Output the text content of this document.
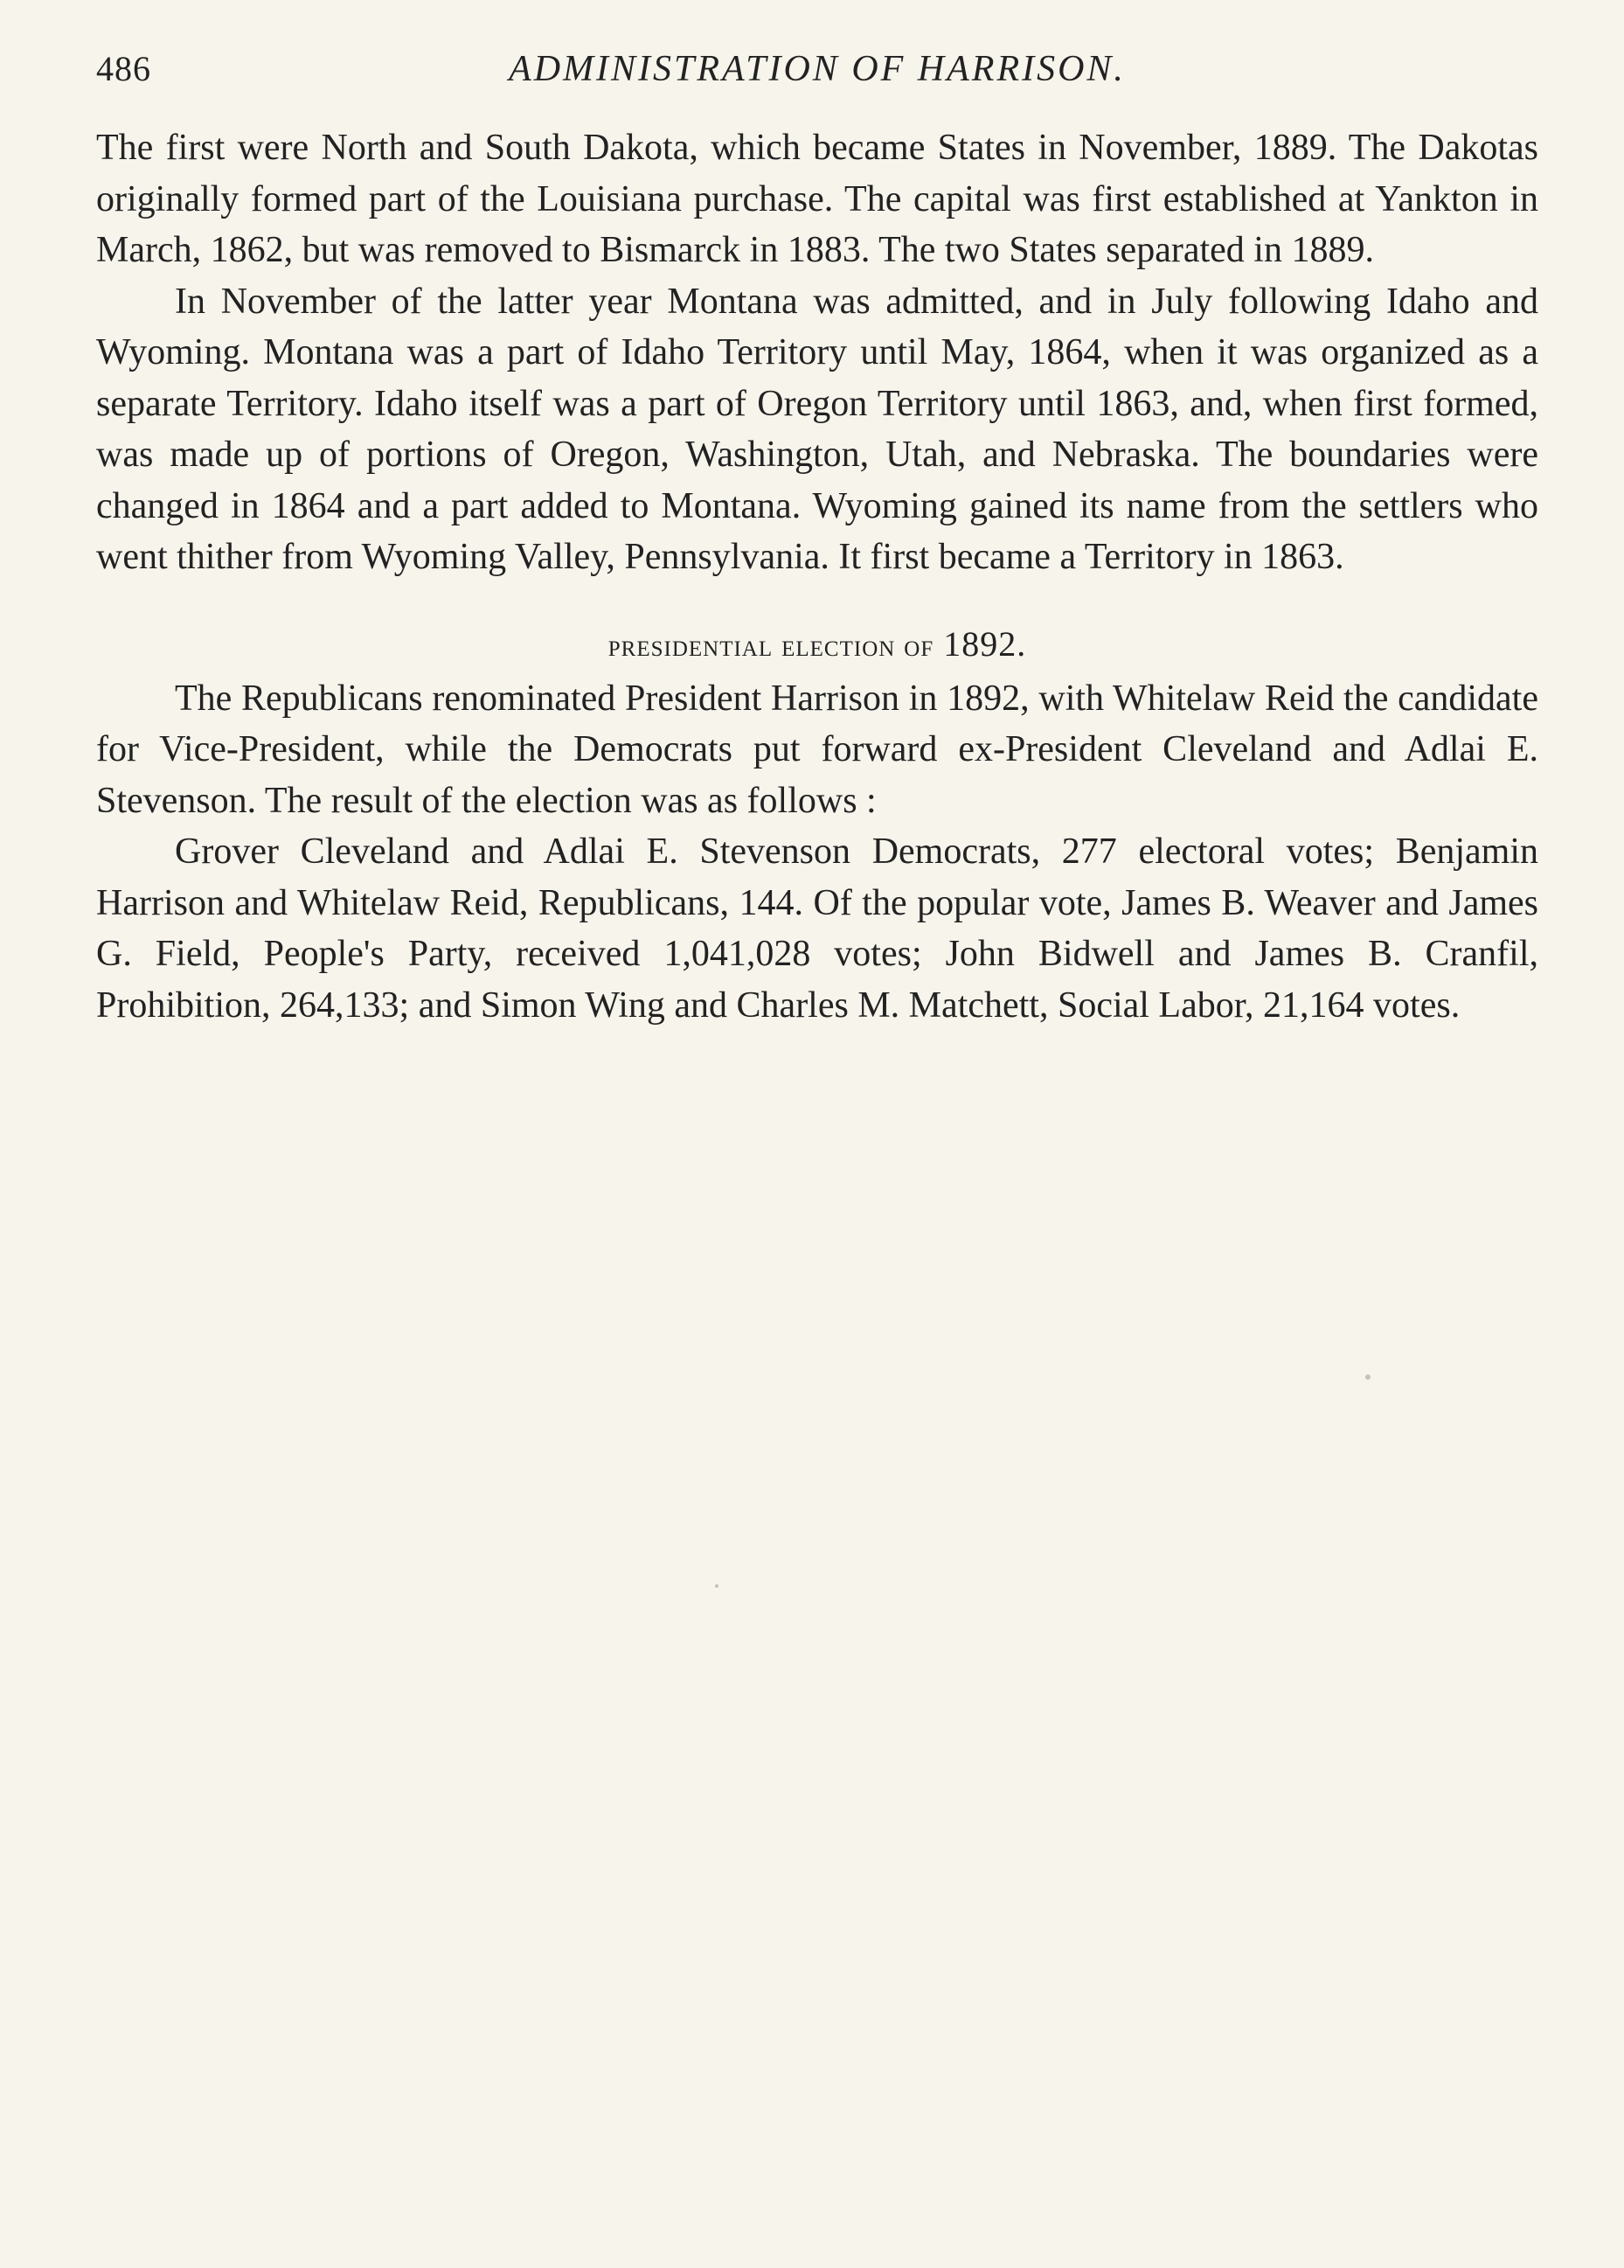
486	ADMINISTRATION OF HARRISON.

The first were North and South Dakota, which became States in November, 1889. The Dakotas originally formed part of the Louisiana purchase. The capital was first established at Yankton in March, 1862, but was removed to Bismarck in 1883. The two States separated in 1889.

In November of the latter year Montana was admitted, and in July following Idaho and Wyoming. Montana was a part of Idaho Territory until May, 1864, when it was organized as a separate Territory. Idaho itself was a part of Oregon Territory until 1863, and, when first formed, was made up of portions of Oregon, Washington, Utah, and Nebraska. The boundaries were changed in 1864 and a part added to Montana. Wyoming gained its name from the settlers who went thither from Wyoming Valley, Pennsylvania. It first became a Territory in 1863.

presidential election of 1892.

The Republicans renominated President Harrison in 1892, with Whitelaw Reid the candidate for Vice-President, while the Democrats put forward ex-President Cleveland and Adlai E. Stevenson. The result of the election was as follows :

Grover Cleveland and Adlai E. Stevenson Democrats, 277 electoral votes; Benjamin Harrison and Whitelaw Reid, Republicans, 144. Of the popular vote, James B. Weaver and James G. Field, People's Party, received 1,041,028 votes; John Bidwell and James B. Cranfil, Prohibition, 264,133; and Simon Wing and Charles M. Matchett, Social Labor, 21,164 votes.
